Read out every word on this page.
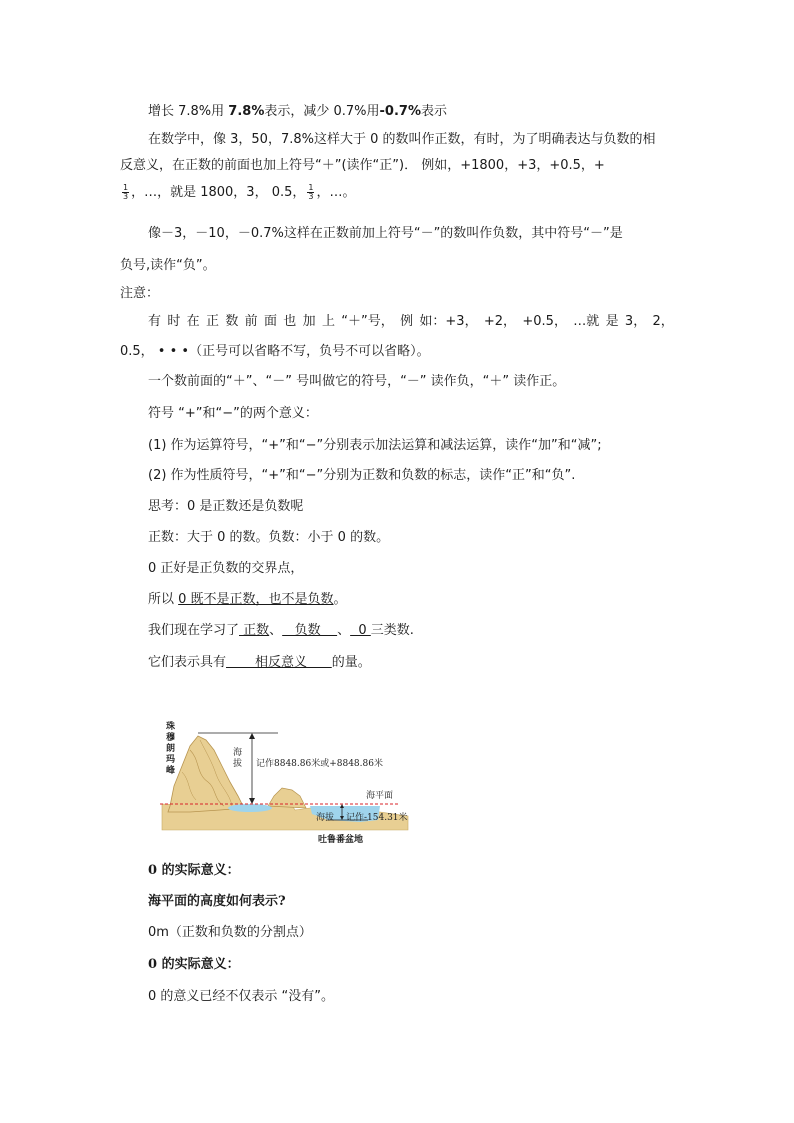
增长 7.8%用 7.8%表示，减少 0.7%用-0.7%表示
在数学中，像 3，50，7.8%这样大于 0 的数叫作正数，有时，为了明确表达与负数的相
反意义，在正数的前面也加上符号“＋”(读作“正”)． 例如，+1800，+3，+0.5，+
$\frac{1}{3}$ ，…，就是 1800，3， 0.5， $\frac{1}{3}$ ，…。
像－3，－10，－0.7%这样在正数前加上符号“－”的数叫作负数，其中符号“－”是
负号,读作“负”。
注意：
有 时 在 正 数 前 面 也 加 上 “＋”号， 例 如：+3， +2， +0.5， …就 是 3， 2，
0.5， • • •（正号可以省略不写，负号不可以省略）。
一个数前面的“＋”、“－” 号叫做它的符号，“－” 读作负，“＋” 读作正。
符号 “+”和“−”的两个意义：
(1) 作为运算符号，“+”和“−”分别表示加法运算和减法运算，读作“加”和“减”;
(2) 作为性质符号，“+”和“−”分别为正数和负数的标志，读作“正”和“负”.
思考：0 是正数还是负数呢
正数：大于 0 的数。负数：小于 0 的数。
0 正好是正负数的交界点，
所以 0 既不是正数，也不是负数。
我们现在学习了 正数、   负数    、  0 三类数.
它们表示具有       相反意义      的量。
珠
穆
朗
玛
峰
海
拔 记作8848.86米或+8848.86米
海平面
海拔 记作-154.31米
吐鲁番盆地
0 的实际意义：
海平面的高度如何表示?
0m（正数和负数的分割点）
0 的实际意义：
0 的意义已经不仅表示 “没有”。
